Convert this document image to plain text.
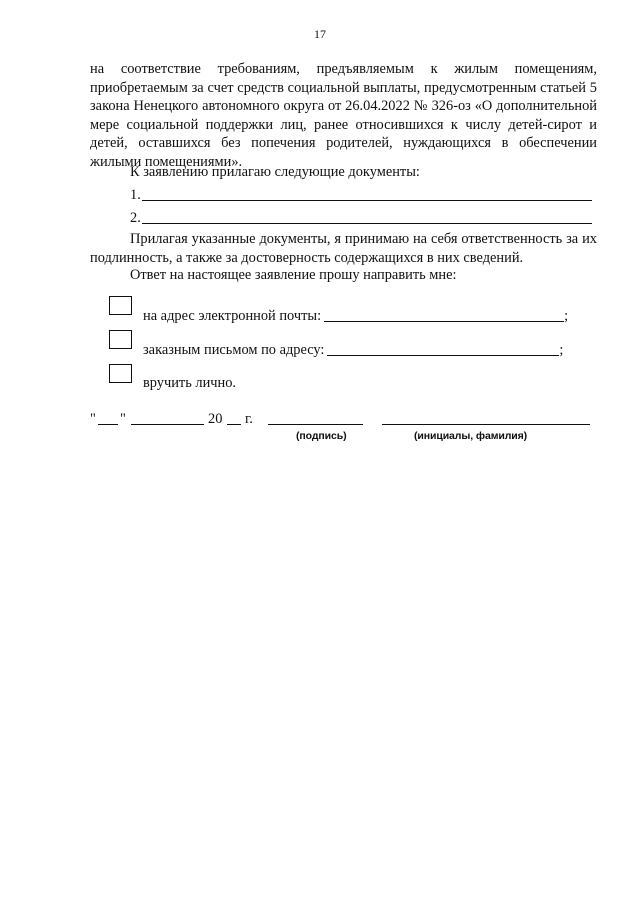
17
на соответствие требованиям, предъявляемым к жилым помещениям, приобретаемым за счет средств социальной выплаты, предусмотренным статьей 5 закона Ненецкого автономного округа от 26.04.2022 № 326-оз «О дополнительной мере социальной поддержки лиц, ранее относившихся к числу детей-сирот и детей, оставшихся без попечения родителей, нуждающихся в обеспечении жилыми помещениями».
К заявлению прилагаю следующие документы:
1.
2.
Прилагая указанные документы, я принимаю на себя ответственность за их подлинность, а также за достоверность содержащихся в них сведений.
Ответ на настоящее заявление прошу направить мне:
на адрес электронной почты:	;
заказным письмом по адресу:	;
вручить лично.
" "	20 г.
(подпись)	(инициалы, фамилия)
